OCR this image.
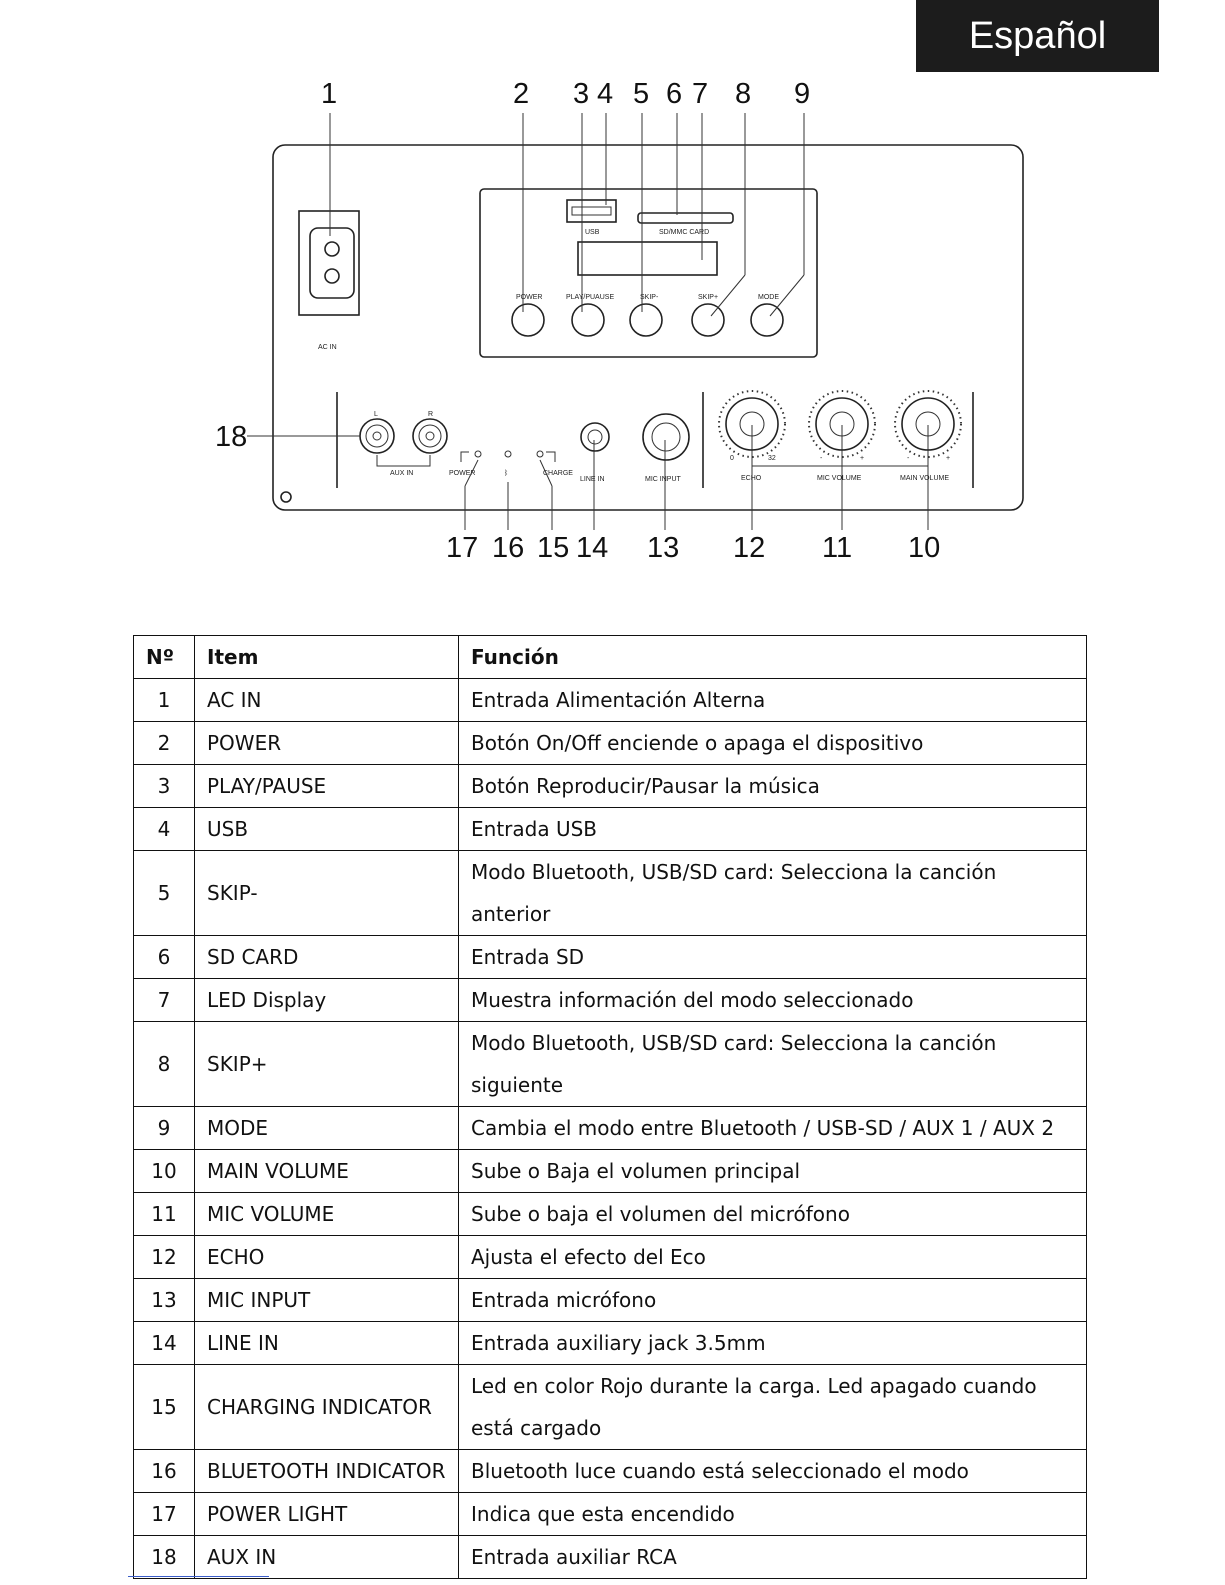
Español
1	2 3 4 5 6 7 8 9
17 16 15 14 13 12 11 10
18
AC IN
USB	SD/MMC CARD
POWER	PLAY/PUAUSE	SKIP-	SKIP+	MODE
L	R
AUX IN	POWER	ᛒ	CHARGE
LINE IN	MIC INPUT
0	32
ECHO
-	+
MIC VOLUME
-	+
MAIN VOLUME
Nº	Item	Función
1	AC IN	Entrada Alimentación Alterna
2	POWER	Botón On/Off enciende o apaga el dispositivo
3	PLAY/PAUSE	Botón Reproducir/Pausar la música
4	USB	Entrada USB
5	SKIP-	Modo Bluetooth, USB/SD card: Selecciona la canción anterior
6	SD CARD	Entrada SD
7	LED Display	Muestra información del modo seleccionado
8	SKIP+	Modo Bluetooth, USB/SD card: Selecciona la canción siguiente
9	MODE	Cambia el modo entre Bluetooth / USB-SD / AUX 1 / AUX 2
10	MAIN VOLUME	Sube o Baja el volumen principal
11	MIC VOLUME	Sube o baja el volumen del micrófono
12	ECHO	Ajusta el efecto del Eco
13	MIC INPUT	Entrada micrófono
14	LINE IN	Entrada auxiliary jack 3.5mm
15	CHARGING INDICATOR	Led en color Rojo durante la carga. Led apagado cuando está cargado
16	BLUETOOTH INDICATOR	Bluetooth luce cuando está seleccionado el modo
17	POWER LIGHT	Indica que esta encendido
18	AUX IN	Entrada auxiliar RCA
